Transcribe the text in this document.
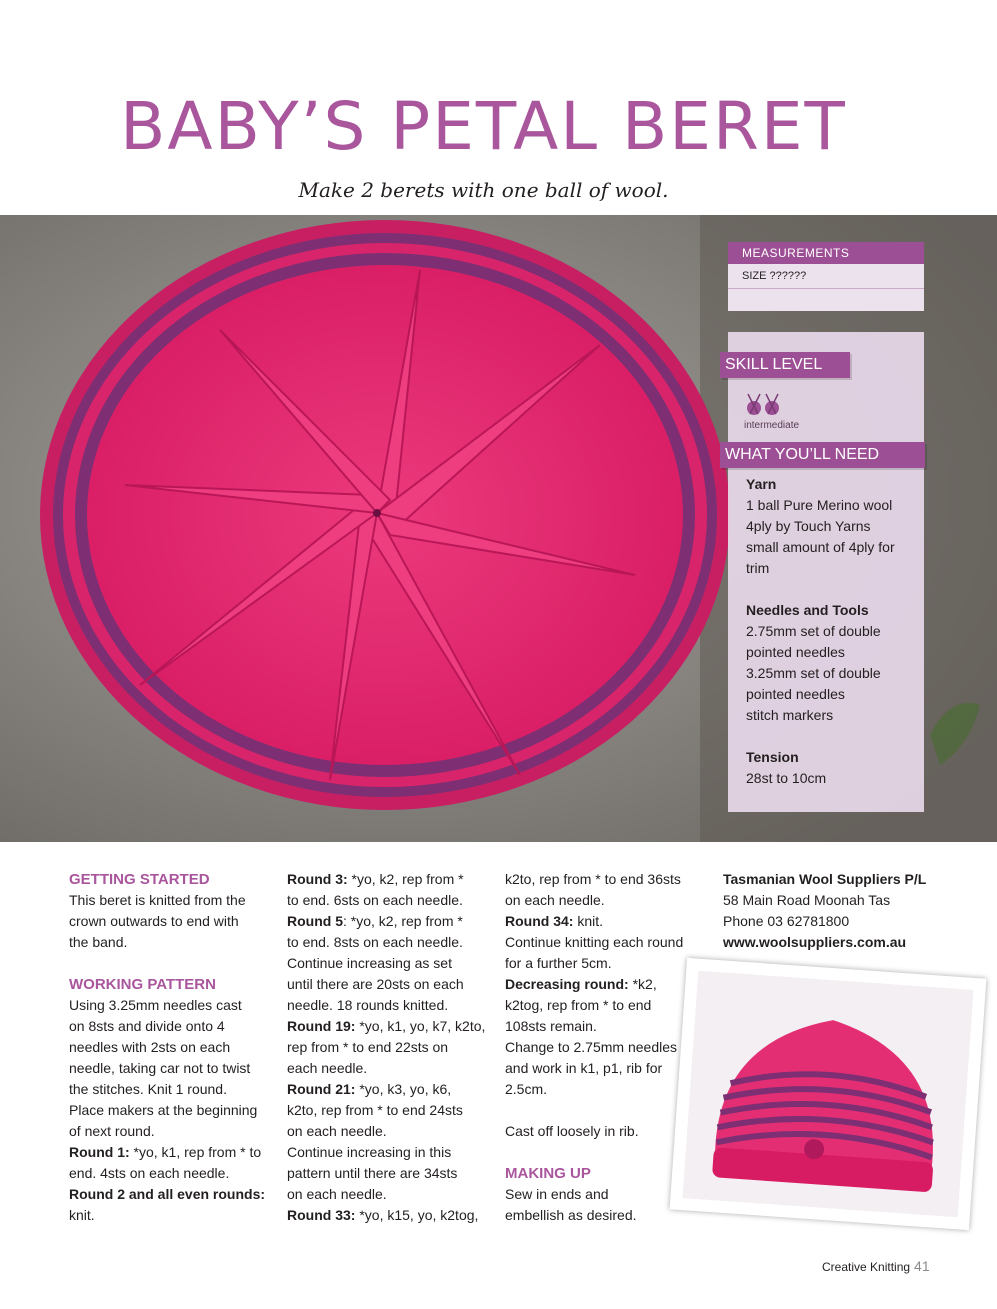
BABY’S PETAL BERET
Make 2 berets with one ball of wool.
MEASUREMENTS
SIZE ??????
SKILL LEVEL
intermediate
WHAT YOU’LL NEED
Yarn
1 ball Pure Merino wool
4ply by Touch Yarns
small amount of 4ply for
trim
Needles and Tools
2.75mm set of double
pointed needles
3.25mm set of double
pointed needles
stitch markers
Tension
28st to 10cm

GETTING STARTED

This beret is knitted from the

crown outwards to end with

the band.

WORKING PATTERN

Using 3.25mm needles cast

on 8sts and divide onto 4

needles with 2sts on each

needle, taking car not to twist

the stitches. Knit 1 round.

Place makers at the beginning

of next round.

Round 1: *yo, k1, rep from * to

end. 4sts on each needle.

Round 2 and all even rounds:

knit.

Round 3: *yo, k2, rep from *

to end. 6sts on each needle.

Round 5: *yo, k2, rep from *

to end. 8sts on each needle.

Continue increasing as set

until there are 20sts on each

needle. 18 rounds knitted.

Round 19: *yo, k1, yo, k7, k2to,

rep from * to end 22sts on

each needle.

Round 21: *yo, k3, yo, k6,

k2to, rep from * to end 24sts

on each needle.

Continue increasing in this

pattern until there are 34sts

on each needle.

Round 33: *yo, k15, yo, k2tog,

k2to, rep from * to end 36sts

on each needle.

Round 34: knit.

Continue knitting each round

for a further 5cm.

Decreasing round: *k2,

k2tog, rep from * to end

108sts remain.

Change to 2.75mm needles

and work in k1, p1, rib for

2.5cm.

Cast off loosely in rib.

MAKING UP

Sew in ends and

embellish as desired.

Tasmanian Wool Suppliers P/L

58 Main Road Moonah Tas

Phone 03 62781800

www.woolsuppliers.com.au

Creative Knitting 41
